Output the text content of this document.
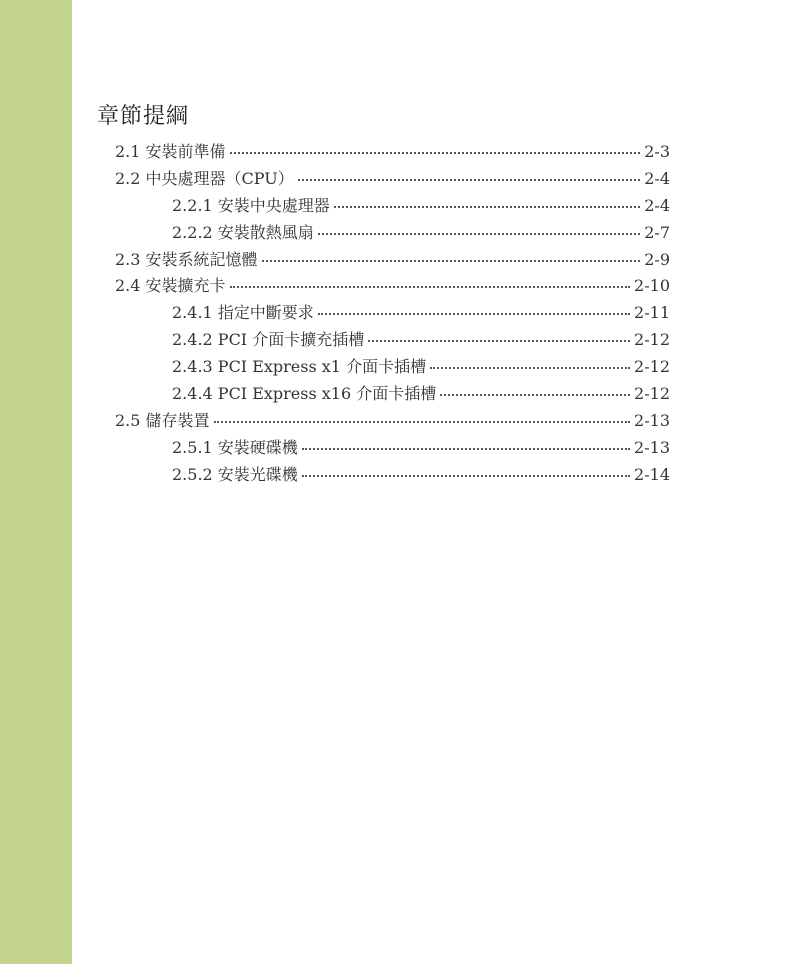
章節提綱
2.1 安裝前準備	2-3
2.2 中央處理器（CPU）	2-4
2.2.1 安裝中央處理器	2-4
2.2.2 安裝散熱風扇	2-7
2.3 安裝系統記憶體	2-9
2.4 安裝擴充卡	2-10
2.4.1 指定中斷要求	2-11
2.4.2 PCI 介面卡擴充插槽	2-12
2.4.3 PCI Express x1 介面卡插槽	2-12
2.4.4 PCI Express x16 介面卡插槽	2-12
2.5 儲存裝置	2-13
2.5.1 安裝硬碟機	2-13
2.5.2 安裝光碟機	2-14
